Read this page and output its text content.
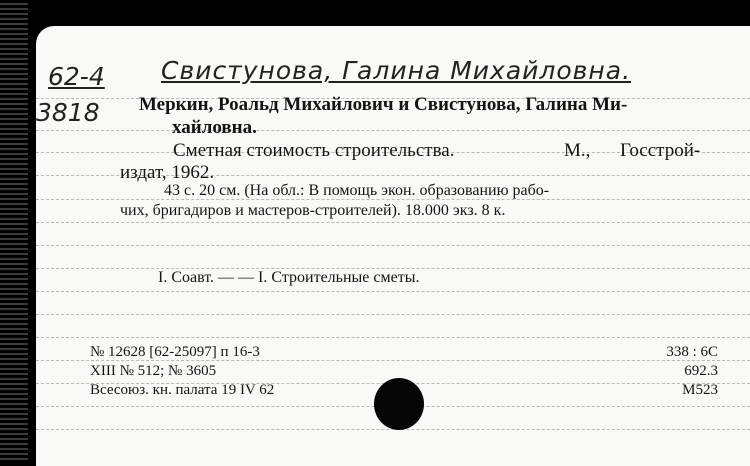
62-4
3818
Свистунова, Галина Михайловна.
Меркин, Роальд Михайлович и Свистунова, Галина Ми-
хайловна.
Сметная стоимость строительства.	М., Госстрой-
издат, 1962.
43 с. 20 см. (На обл.: В помощь экон. образованию рабо-
чих, бригадиров и мастеров-строителей). 18.000 экз. 8 к.
I. Соавт. — — I. Строительные сметы.
№ 12628 [62-25097] п 16-3
XIII № 512; № 3605
Всесоюз. кн. палата 19 IV 62
338 : 6С
692.3
М523
